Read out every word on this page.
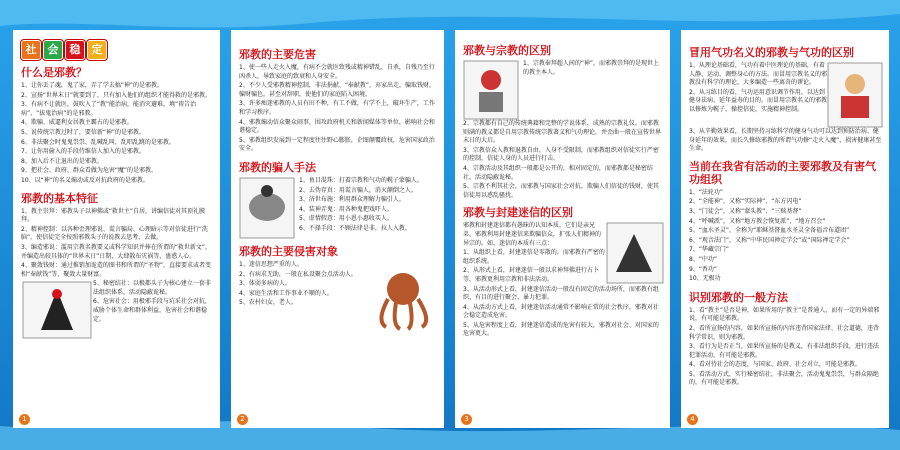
社	会	稳	定
什么是邪教？

1、让你丢了魂，鬼了家，弄了学去搞“神”的是邪教。

2、宣扬“世界末日”就要到了，只有加入他们的组织才能得救的是邪教。

3、有病不让就医，鼓吹入了“教”能治病，能消灾避难，填“祷告治病”、“拔鬼治病”的是邪教。

4、欺骗、威逼利女居教主霸占的是邪教。

5、说传统宗教过时了，要信新“神”的是邪教。

6、非法聚会时鬼鬼祟祟、乱喊乱叫，乱唱乱跳的是邪教。

7、让你用偷入的手段侍维信人加入的是邪教。

8、加入后不让退出的是邪教。

9、把社会、政府、群众看做为危害“魔”的是邪教。

10、以“神”的名义煽动或反对抗政府的是邪教。

邪教的基本特征

1、教主崇拜：邪教头子以神佛或“救世主”自居，讲编信徒对其顶礼膜拜。

2、精神控制：以各种歪理邪说、谎言骗局、心理暗示等对信徒进行“洗脑”，使信徒完全按照邪教头子的说教去思考，去做。

3、编造邪说：滥用宗教名教要义或科学知识并捧在所谓的“救世新文”，并编造出较具体的“世界末日”日期，大肆散布灾祸等，蛊惑人心。

4、聚敛钱财：通过推销加诡造的图书和所谓的“圣物”，直接要求或者变相“奉献钱”等，聚敛大量财富。

5、秘密结社：以极都头子为核心建立一套非法组织体系，活动隐蔽诡秘。

6、危害社会：用极邪手段与坑采社会对抗，威胁个体生命和群体利益，危害社会和谐稳定。

1
邪教的主要危害

1、使一些人走火入魔，有病不会就医致残或精神错乱，自杀，自残乃至行凶杀人，导致家庭的致衰和人身安全。

2、不少人受邪教精神控制，非法捐献、“奉献教”，弃家出走，骗取钱财，骗财骗色，甚至对辞职，使他们的家庭陷入困境。

3、许多痴迷邪教的人员有田不种，有工不做，有学不上，破坏生产，工作和学习秩序。

4、邪教煽动信众聚众闹事，围攻政府机关和新闻媒体等单位，影响社会和谐稳定。

5、邪教组织发展到一定程度往往野心膨胀，企图颠覆政权，危害国家政治安全。

邪教的骗人手法

1、鱼目混珠：打着宗教和气功的幌子蒙骗人。

2、去伪存真：用谎言骗人，消灭颠倒之人。

3、济世布施：利用群众理解力骗引人。

4、装神弄鬼：用各种鬼把戏吓人。

5、虚情假意：用小恩小惠收买人。

6、不择手段：不顾法律是非，拉人入教。

邪教的主要侵害对象

1、迷信思想严重的人。

2、有病求无助，一般在私设聚会点活动人。

3、体弱多病的人。

4、家庭生活和工作事业不顺的人。

5、农村妇女，老人。

2
邪教与宗教的区别

1、宗教奉拜超人间的“神”，而邪教崇拜的是现世上的教主本人。

2、宗教都有自己的传统典籍和完整的学说体系，成熟的宗教礼仪。而邪教则满的教义都是自用宗教传统宗教著义和气功理论，并歪曲一般在宣传世界末日的大启。

3、宗教信众入教和退教自由，入身不受限制，而邪教组织对信徒实行严密的控制，信徒人身的人员进行打击。

4、宗教活动及其组织一般都是公开的，相对固定的，而邪教都是秘密结社，活动隐蔽诡秘。

5、宗教不利其社会，而邪教与国家社会对抗，欺骗人们信徒的钱财，使其信徒用以惑乱骚扰。

邪教与封建迷信的区别

邪教和封建迷信都有愚昧的认知本质，它们是亲兄弟。邪教利用封建迷信来欺骗信众，扩张人们精神的异宗的。如，迷信的本质有三点：

1、从组织上看，封建迷信是零散的，而邪教有严密的组织系统。

2、从形式上看，封建迷信一般以求神拜佛进行占卜等，邪教更利用宗教和非法活动。

3、从活动形式上看，封建迷信活动一般没有固定的活动场所，而邪教有组织、有目的进行聚会、暴力犯罪。

4、从活动方式上看，封建迷信活动通常不影响正常的社会秩序，邪教对社会稳定造成危害。

5、从危害程度上看，封建迷信造成的危害有较大，邪教对社会、对国家的危害更大。

3
冒用气功名义的邪教与气功的区别

1、从理论基础看，气功有着中医理论的基础，有着人静、运动、调整身心的方法。而冒用宗教名义的邪教没有科学的理论，大多编造一些离奇的谬论。

2、从习练目的看，气功运用意识调节作用，以达到健身祛病、延年益寿的目的。而冒用宗教名义的邪教以修炼为幌子，操控信徒，实施精神控制。

3、从辛勤效果看，长期坚持习练科学的健身气功可以达到预防治病、健身延年的效果，而长久修练邪教的所谓气功修“走火入魔”，损害健康甚至生命。

当前在我省有活动的主要邪教及有害气功组织

1、“法轮功”

2、“全能神”，又称“实际神”、“东方闪电”

3、“门徒会”，又称“蒙头教”、“三赎基督”

4、“呼喊派”，又称“地方教会恢复派”、“地方召会”

5、“血水圣灵”，全称为“耶稣基督血水圣灵全备福音布道团”

6、“观音法门”，又称“中华民国禅定学会”或“国际禅定学会”

7、“华藏宗门”

8、“中功”

9、“香功”

10、无极功

识别邪教的一般方法

1、看“教主”是否是神，如果所用的“教主”是普通人，而有一定的异端邪说，有可能是邪教。

2、看所宣扬的内容，如果所宣扬的内容违背国家法律、社会道德，违背科学常识，则为邪教。

3、看行为是否正当，如果所宣扬的是教义，有非法组织手段，进行违法犯罪活动，有可能是邪教。

4、看对待社会的态度，与国家、政府、社会对立，可能是邪教。

5、看活动方式，实行秘密结社，非法聚会，活动鬼鬼祟祟，与群众隔绝的，有可能是邪教。

4
